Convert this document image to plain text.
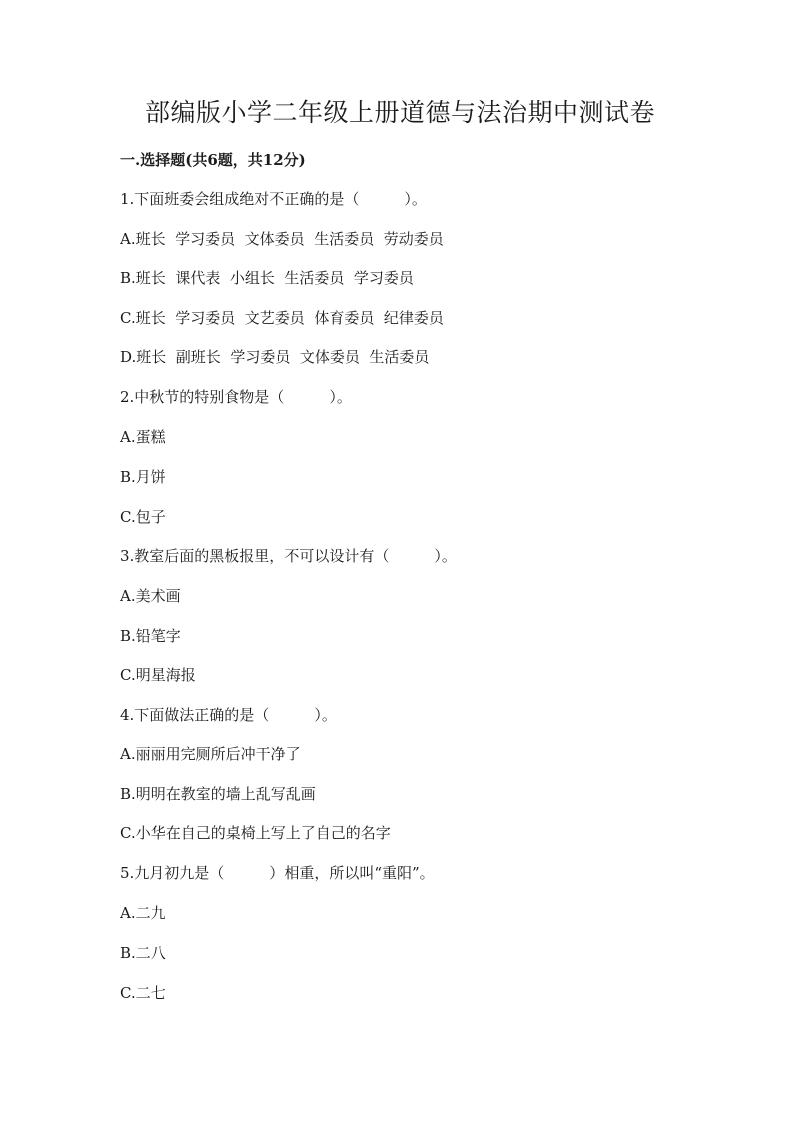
部编版小学二年级上册道德与法治期中测试卷

一.选择题(共6题，共12分)

1.下面班委会组成绝对不正确的是（　　　）。

A.班长  学习委员  文体委员  生活委员  劳动委员

B.班长  课代表  小组长  生活委员  学习委员

C.班长  学习委员  文艺委员  体育委员  纪律委员

D.班长  副班长  学习委员  文体委员  生活委员

2.中秋节的特别食物是（　　　）。

A.蛋糕

B.月饼

C.包子

3.教室后面的黑板报里，不可以设计有（　　　）。

A.美术画

B.铅笔字

C.明星海报

4.下面做法正确的是（　　　）。

A.丽丽用完厕所后冲干净了

B.明明在教室的墙上乱写乱画

C.小华在自己的桌椅上写上了自己的名字

5.九月初九是（　　　）相重，所以叫“重阳”。

A.二九

B.二八

C.二七
